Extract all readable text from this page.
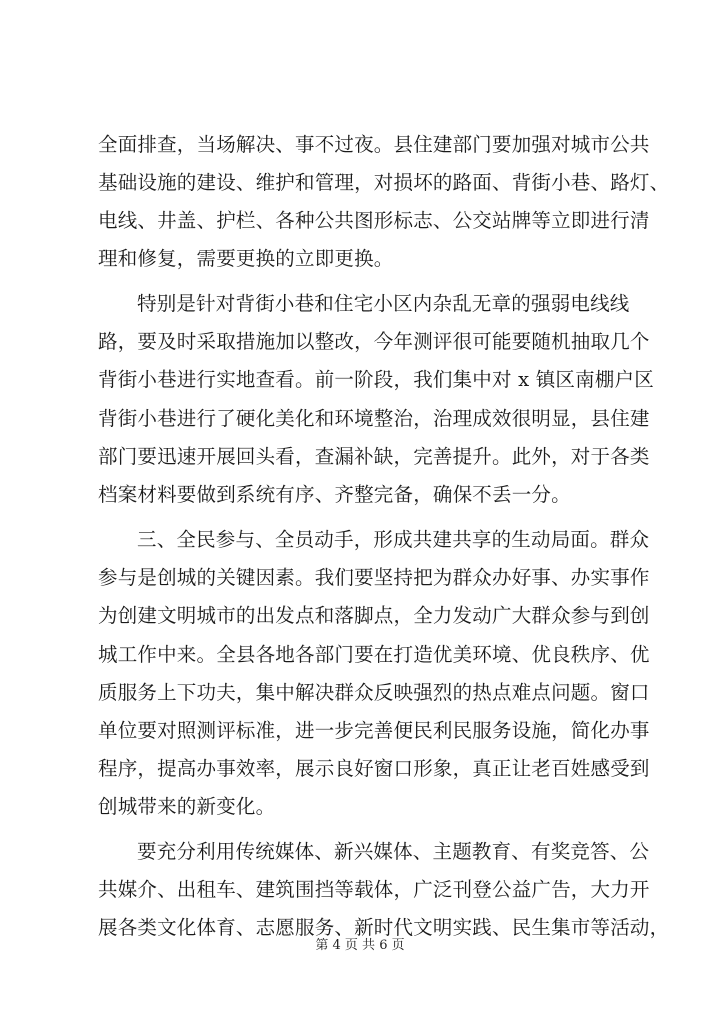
全面排查，当场解决、事不过夜。县住建部门要加强对城市公共
基础设施的建设、维护和管理，对损坏的路面、背街小巷、路灯、
电线、井盖、护栏、各种公共图形标志、公交站牌等立即进行清
理和修复，需要更换的立即更换。
特别是针对背街小巷和住宅小区内杂乱无章的强弱电线线
路，要及时采取措施加以整改，今年测评很可能要随机抽取几个
背街小巷进行实地查看。前一阶段，我们集中对 x 镇区南棚户区
背街小巷进行了硬化美化和环境整治，治理成效很明显，县住建
部门要迅速开展回头看，查漏补缺，完善提升。此外，对于各类
档案材料要做到系统有序、齐整完备，确保不丢一分。
三、全民参与、全员动手，形成共建共享的生动局面。群众
参与是创城的关键因素。我们要坚持把为群众办好事、办实事作
为创建文明城市的出发点和落脚点，全力发动广大群众参与到创
城工作中来。全县各地各部门要在打造优美环境、优良秩序、优
质服务上下功夫，集中解决群众反映强烈的热点难点问题。窗口
单位要对照测评标准，进一步完善便民利民服务设施，简化办事
程序，提高办事效率，展示良好窗口形象，真正让老百姓感受到
创城带来的新变化。
要充分利用传统媒体、新兴媒体、主题教育、有奖竞答、公
共媒介、出租车、建筑围挡等载体，广泛刊登公益广告，大力开
展各类文化体育、志愿服务、新时代文明实践、民生集市等活动，
第 4 页 共 6 页
